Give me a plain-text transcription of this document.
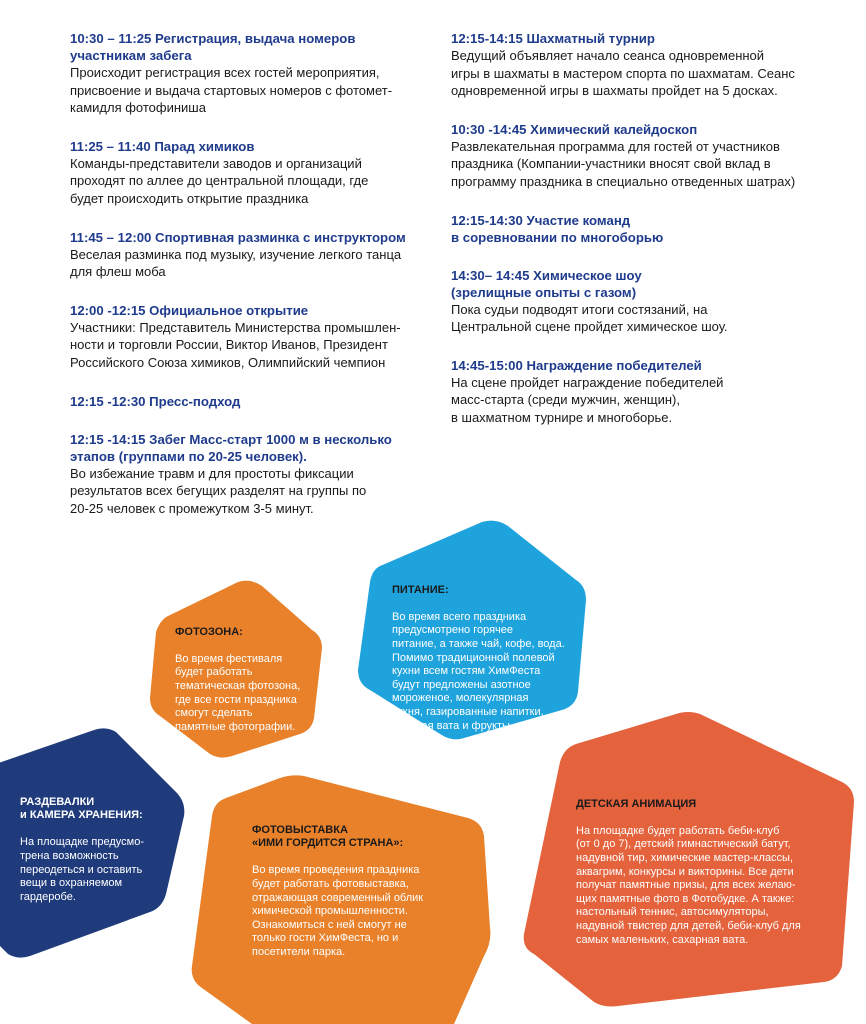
10:30 – 11:25 Регистрация, выдача номеров
участникам забега
Происходит регистрация всех гостей мероприятия,
присвоение и выдача стартовых номеров с фотомет-
камидля фотофиниша
11:25 – 11:40 Парад химиков
Команды-представители заводов и организаций
проходят по аллее до центральной площади, где
будет происходить открытие праздника
11:45 – 12:00 Спортивная разминка с инструктором
Веселая разминка под музыку, изучение легкого танца
для флеш моба
12:00 -12:15 Официальное открытие
Участники: Представитель Министерства промышлен-
ности и торговли России, Виктор Иванов, Президент
Российского Союза химиков, Олимпийский чемпион
12:15 -12:30 Пресс-подход
12:15 -14:15 Забег Масс-старт 1000 м в несколько
этапов (группами по 20-25 человек).
Во избежание травм и для простоты фиксации
результатов всех бегущих разделят на группы по
20-25 человек с промежутком 3-5 минут.
12:15-14:15 Шахматный турнир
Ведущий объявляет начало сеанса одновременной
игры в шахматы в мастером спорта по шахматам. Сеанс
одновременной игры в шахматы пройдет на 5 досках.
10:30 -14:45 Химический калейдоскоп
Развлекательная программа для гостей от участников
праздника (Компании-участники вносят свой вклад в
программу праздника в специально отведенных шатрах)
12:15-14:30 Участие команд
в соревновании по многоборью
14:30– 14:45 Химическое шоу
(зрелищные опыты с газом)
Пока судьи подводят итоги состязаний, на
Центральной сцене пройдет химическое шоу.
14:45-15:00 Награждение победителей
На сцене пройдет награждение победителей
масс-старта (среди мужчин, женщин),
в шахматном турнире и многоборье.

ФОТОЗОНА:

Во время фестиваля
будет работать
тематическая фотозона,
где все гости праздника
смогут сделать
памятные фотографии.

ПИТАНИЕ:

Во время всего праздника
предусмотрено горячее
питание, а также чай, кофе, вода.
Помимо традиционной полевой
кухни всем гостям ХимФеста
будут предложены азотное
мороженое, молекулярная
кухня, газированные напитки,
сладкая вата и фрукты.

РАЗДЕВАЛКИ
и КАМЕРА ХРАНЕНИЯ:

На площадке предусмо-
трена возможность
переодеться и оставить
вещи в охраняемом
гардеробе.

ФОТОВЫСТАВКА
«ИМИ ГОРДИТСЯ СТРАНА»:

Во время проведения праздника
будет работать фотовыставка,
отражающая современный облик
химической промышленности.
Ознакомиться с ней смогут не
только гости ХимФеста, но и
посетители парка.

ДЕТСКАЯ АНИМАЦИЯ

На площадке будет работать беби-клуб
(от 0 до 7), детский гимнастический батут,
надувной тир, химические мастер-классы,
аквагрим, конкурсы и викторины. Все дети
получат памятные призы, для всех желаю-
щих памятные фото в Фотобудке. А также:
настольный теннис, автосимуляторы,
надувной твистер для детей, беби-клуб для
самых маленьких, сахарная вата.
